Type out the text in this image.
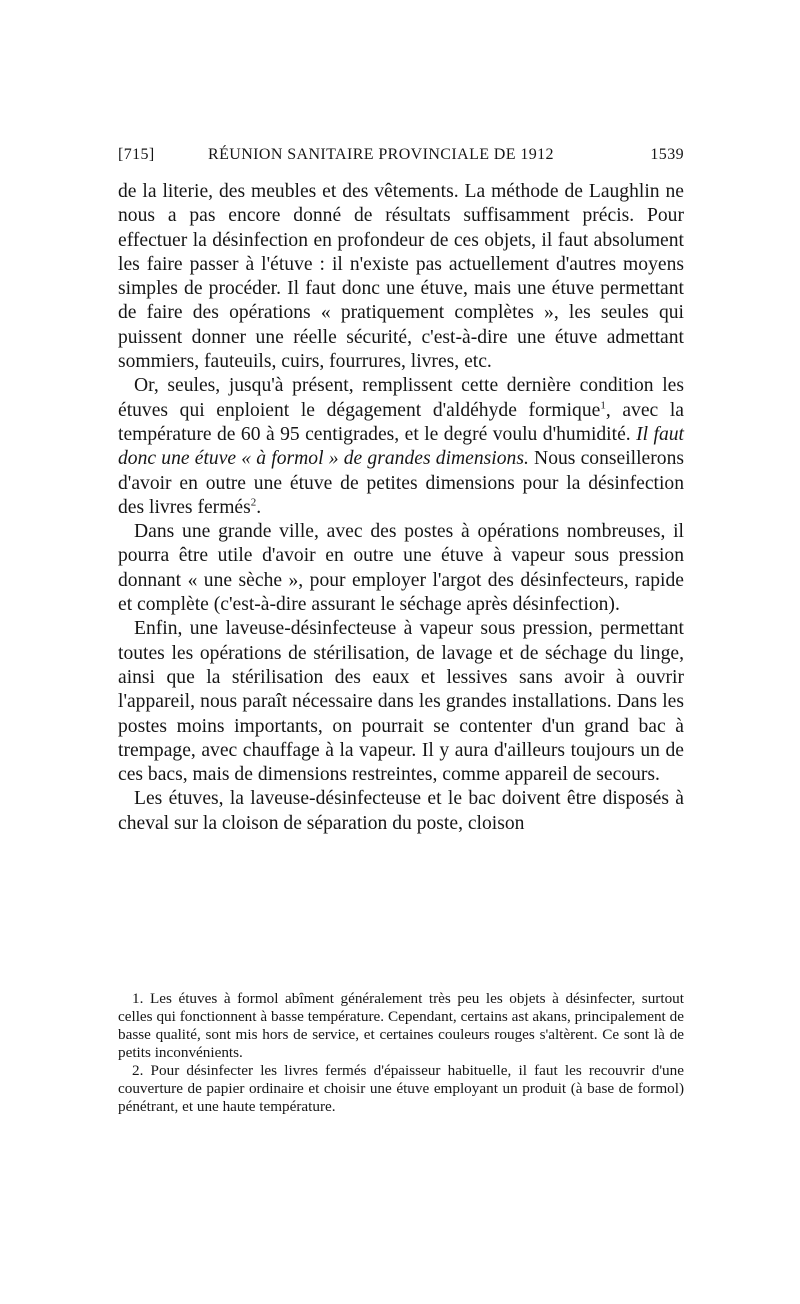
[715]	RÉUNION SANITAIRE PROVINCIALE DE 1912	1539

de la literie, des meubles et des vêtements. La méthode de Laughlin ne nous a pas encore donné de résultats suffisamment précis. Pour effectuer la désinfection en profondeur de ces objets, il faut absolument les faire passer à l'étuve : il n'existe pas actuellement d'autres moyens simples de procéder. Il faut donc une étuve, mais une étuve permettant de faire des opérations « pratiquement complètes », les seules qui puissent donner une réelle sécurité, c'est-à-dire une étuve admettant sommiers, fauteuils, cuirs, fourrures, livres, etc.

Or, seules, jusqu'à présent, remplissent cette dernière condition les étuves qui enploient le dégagement d'aldéhyde formique$^1$, avec la température de 60 à 95 centigrades, et le degré voulu d'humidité. Il faut donc une étuve « à formol » de grandes dimensions. Nous conseillerons d'avoir en outre une étuve de petites dimensions pour la désinfection des livres fermés$^2$.

Dans une grande ville, avec des postes à opérations nombreuses, il pourra être utile d'avoir en outre une étuve à vapeur sous pression donnant « une sèche », pour employer l'argot des désinfecteurs, rapide et complète (c'est-à-dire assurant le séchage après désinfection).

Enfin, une laveuse-désinfecteuse à vapeur sous pression, permettant toutes les opérations de stérilisation, de lavage et de séchage du linge, ainsi que la stérilisation des eaux et lessives sans avoir à ouvrir l'appareil, nous paraît nécessaire dans les grandes installations. Dans les postes moins importants, on pourrait se contenter d'un grand bac à trempage, avec chauffage à la vapeur. Il y aura d'ailleurs toujours un de ces bacs, mais de dimensions restreintes, comme appareil de secours.

Les étuves, la laveuse-désinfecteuse et le bac doivent être disposés à cheval sur la cloison de séparation du poste, cloison

1. Les étuves à formol abîment généralement très peu les objets à désinfecter, surtout celles qui fonctionnent à basse température. Cependant, certains ast akans, principalement de basse qualité, sont mis hors de service, et certaines couleurs rouges s'altèrent. Ce sont là de petits inconvénients.

2. Pour désinfecter les livres fermés d'épaisseur habituelle, il faut les recouvrir d'une couverture de papier ordinaire et choisir une étuve employant un produit (à base de formol) pénétrant, et une haute température.
